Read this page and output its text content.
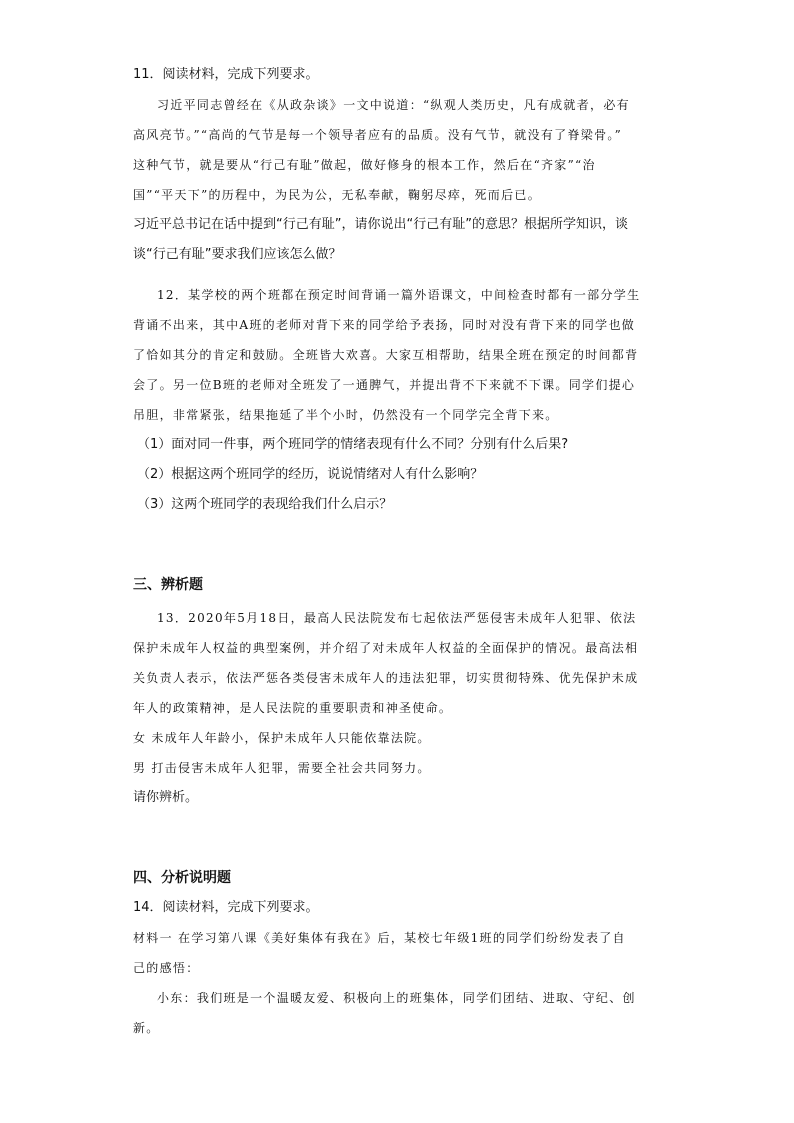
11．阅读材料，完成下列要求。
习近平同志曾经在《从政杂谈》一文中说道：“纵观人类历史，凡有成就者，必有
高风亮节。”“高尚的气节是每一个领导者应有的品质。没有气节，就没有了脊梁骨。”
这种气节，就是要从“行己有耻”做起，做好修身的根本工作，然后在“齐家”“治
国”“平天下”的历程中，为民为公，无私奉献，鞠躬尽瘁，死而后已。
习近平总书记在话中提到“行己有耻”，请你说出“行己有耻”的意思？根据所学知识，谈
谈“行己有耻”要求我们应该怎么做？
12．某学校的两个班都在预定时间背诵一篇外语课文，中间检查时都有一部分学生
背诵不出来，其中A班的老师对背下来的同学给予表扬，同时对没有背下来的同学也做
了恰如其分的肯定和鼓励。全班皆大欢喜。大家互相帮助，结果全班在预定的时间都背
会了。另一位B班的老师对全班发了一通脾气，并提出背不下来就不下课。同学们提心
吊胆，非常紧张，结果拖延了半个小时，仍然没有一个同学完全背下来。
（1）面对同一件事，两个班同学的情绪表现有什么不同？分别有什么后果?
（2）根据这两个班同学的经历，说说情绪对人有什么影响？
（3）这两个班同学的表现给我们什么启示？
三、辨析题
13．2020年5月18日，最高人民法院发布七起依法严惩侵害未成年人犯罪、依法
保护未成年人权益的典型案例，并介绍了对未成年人权益的全面保护的情况。最高法相
关负责人表示，依法严惩各类侵害未成年人的违法犯罪，切实贯彻特殊、优先保护未成
年人的政策精神，是人民法院的重要职责和神圣使命。
女 未成年人年龄小，保护未成年人只能依靠法院。
男 打击侵害未成年人犯罪，需要全社会共同努力。
请你辨析。
四、分析说明题
14．阅读材料，完成下列要求。
材料一 在学习第八课《美好集体有我在》后，某校七年级1班的同学们纷纷发表了自
己的感悟：
小东：我们班是一个温暖友爱、积极向上的班集体，同学们团结、进取、守纪、创
新。
